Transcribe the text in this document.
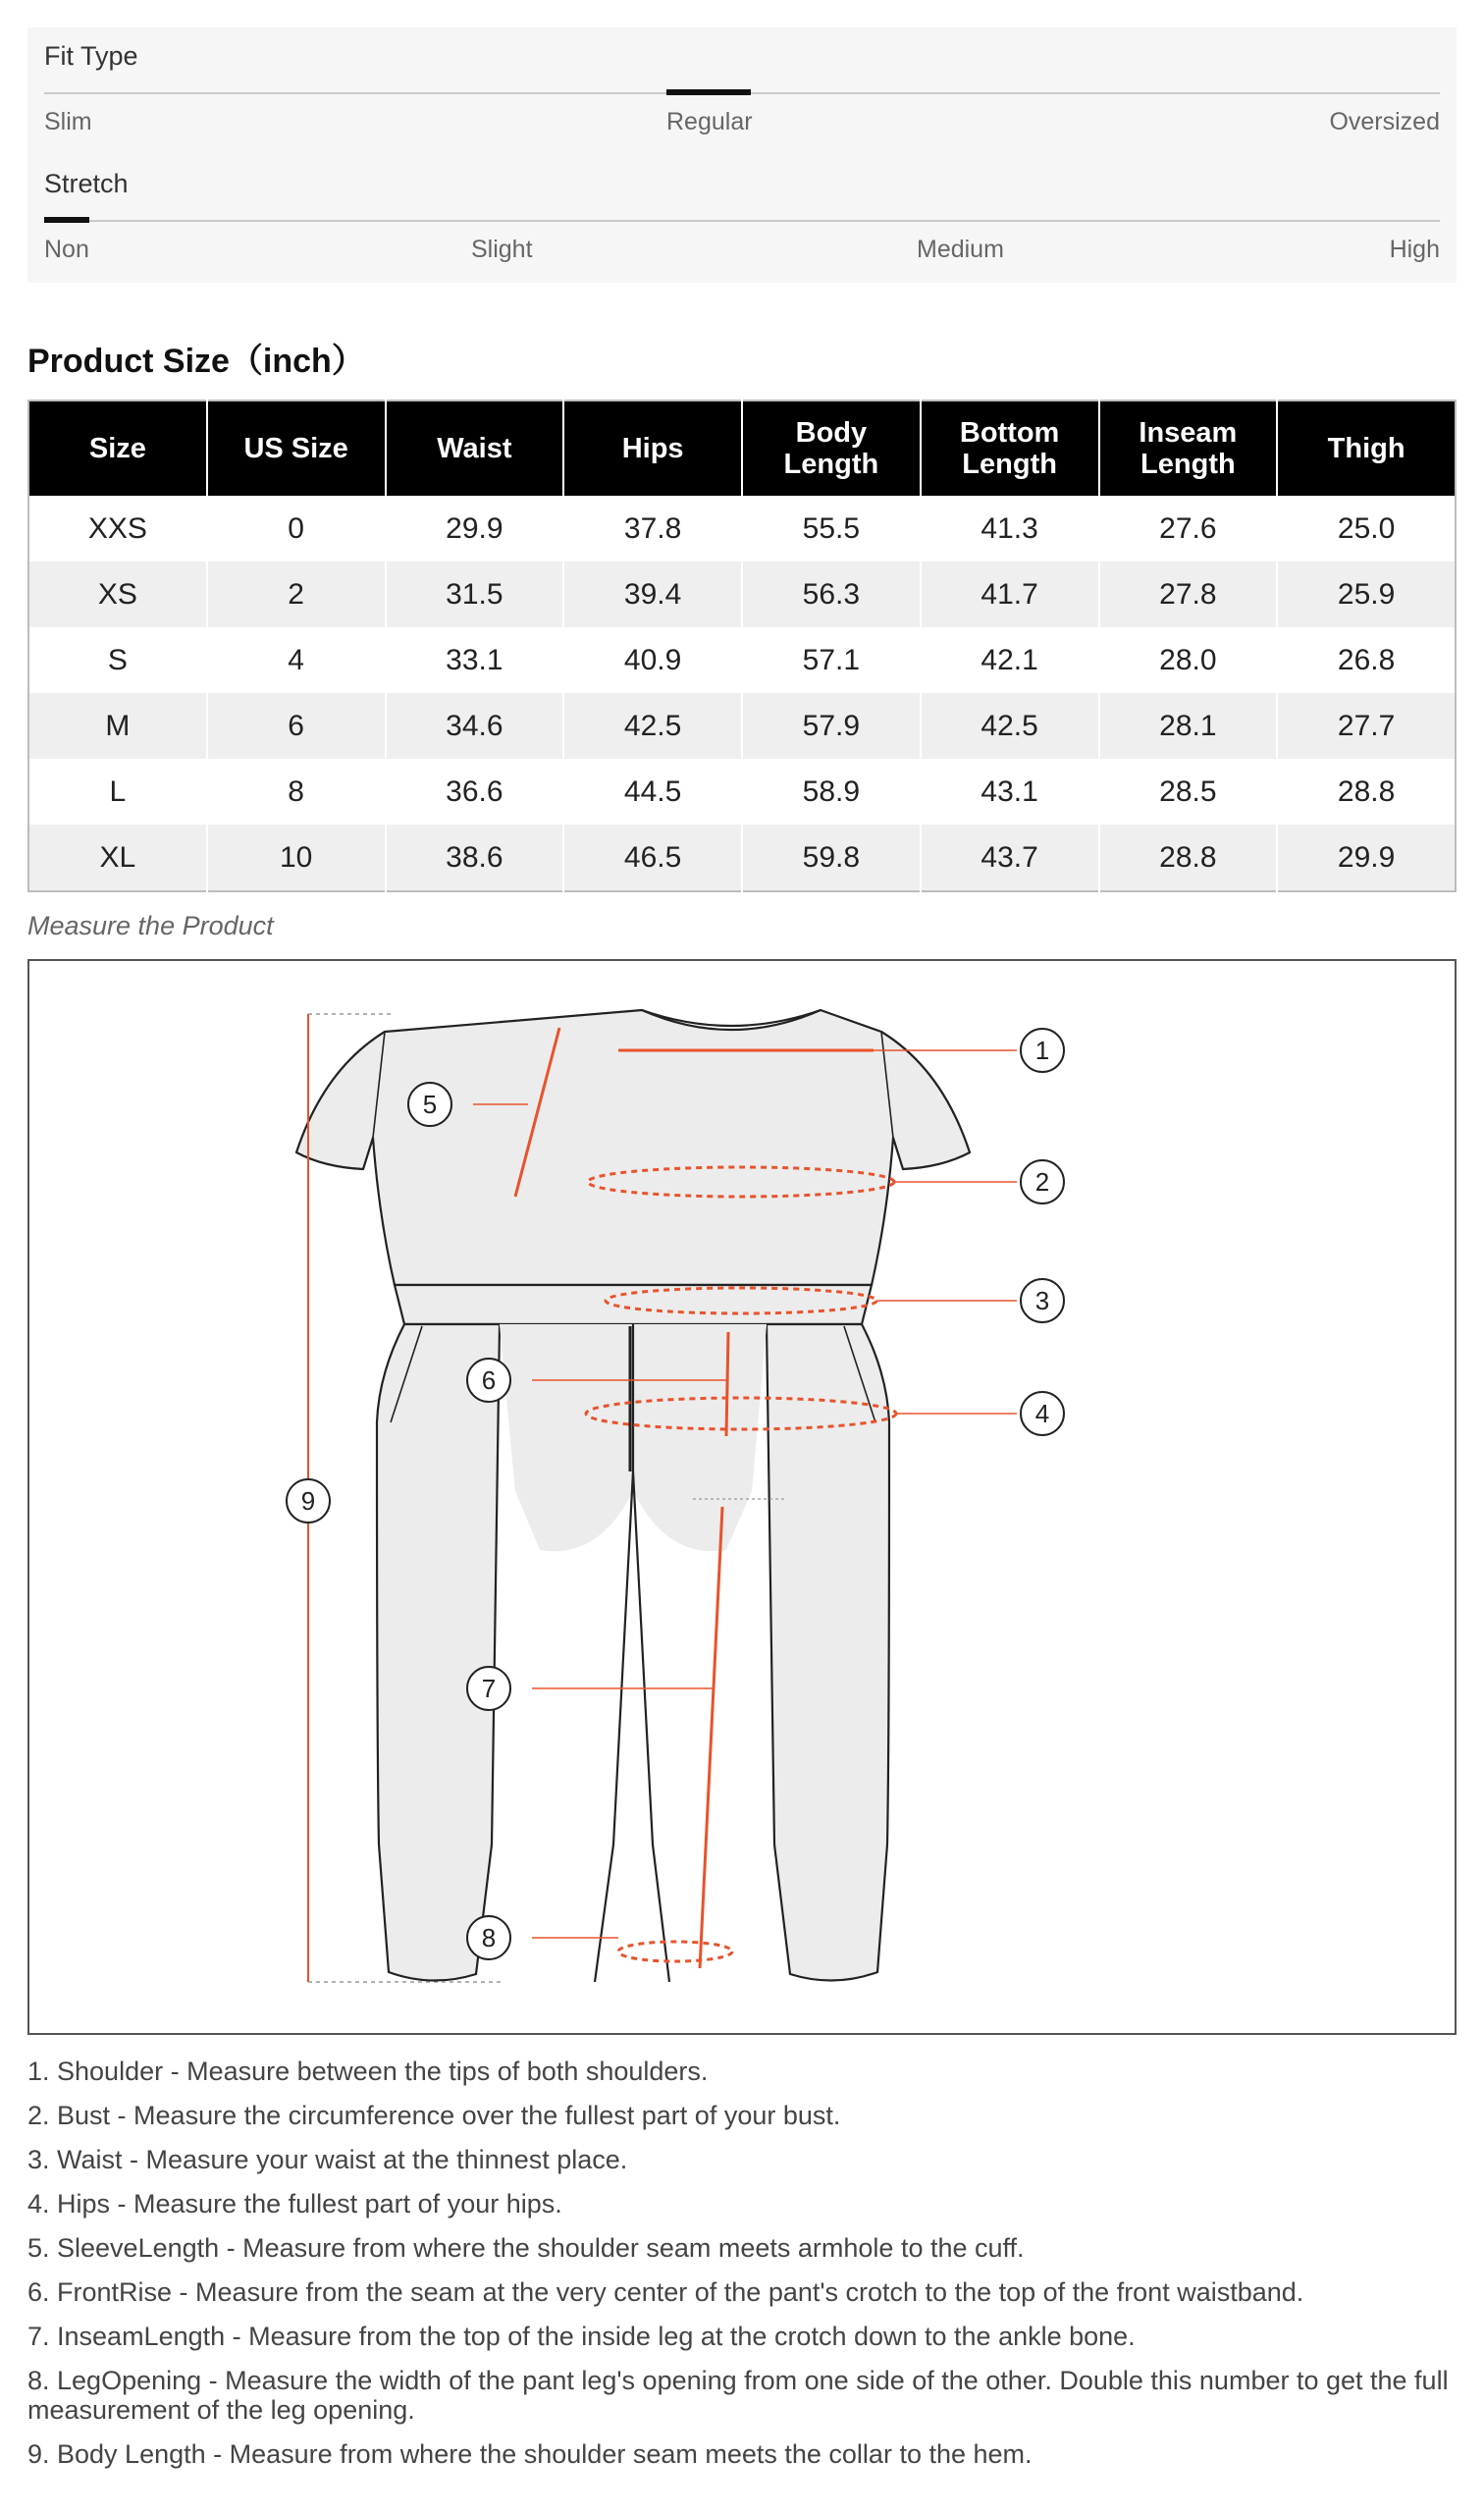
Fit Type
Slim	Regular	Oversized
Stretch
Non	Slight	Medium	High
Product Size（inch）
Size	US Size	Waist	Hips	Body Length	Bottom Length	Inseam Length	Thigh
XXS	0	29.9	37.8	55.5	41.3	27.6	25.0
XS	2	31.5	39.4	56.3	41.7	27.8	25.9
S	4	33.1	40.9	57.1	42.1	28.0	26.8
M	6	34.6	42.5	57.9	42.5	28.1	27.7
L	8	36.6	44.5	58.9	43.1	28.5	28.8
XL	10	38.6	46.5	59.8	43.7	28.8	29.9
Measure the Product
1
2
3
4
5
6
7
8
9
1. Shoulder - Measure between the tips of both shoulders.
2. Bust - Measure the circumference over the fullest part of your bust.
3. Waist - Measure your waist at the thinnest place.
4. Hips - Measure the fullest part of your hips.
5. SleeveLength - Measure from where the shoulder seam meets armhole to the cuff.
6. FrontRise - Measure from the seam at the very center of the pant's crotch to the top of the front waistband.
7. InseamLength - Measure from the top of the inside leg at the crotch down to the ankle bone.
8. LegOpening - Measure the width of the pant leg's opening from one side of the other. Double this number to get the full measurement of the leg opening.
9. Body Length - Measure from where the shoulder seam meets the collar to the hem.
